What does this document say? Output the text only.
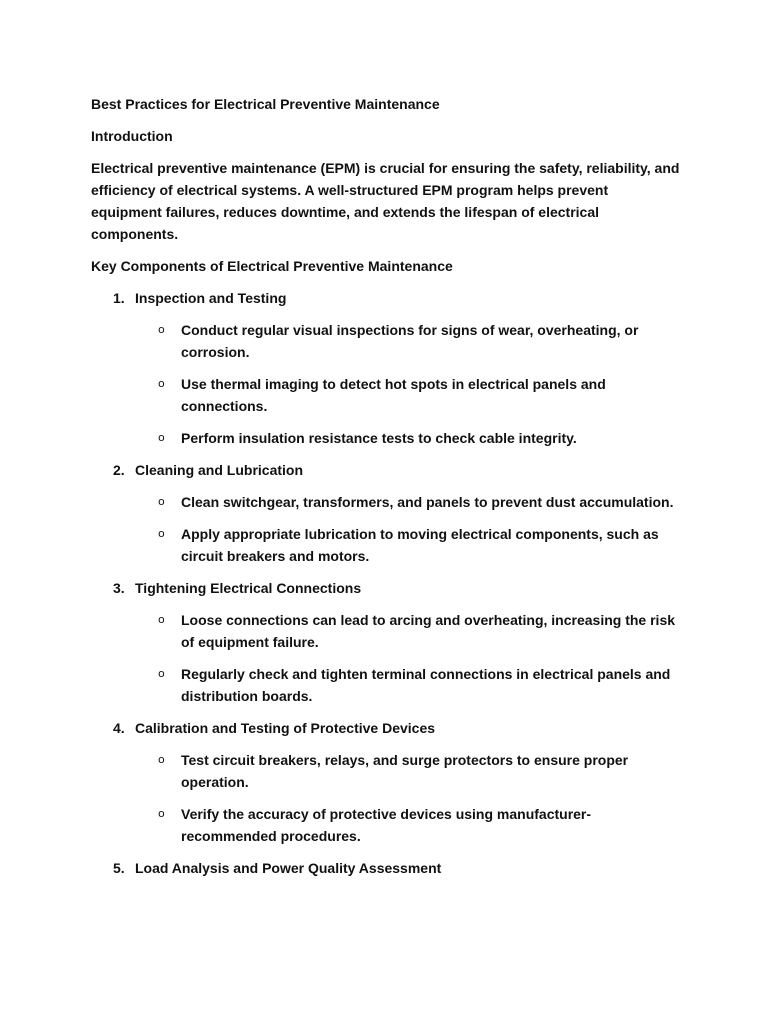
Best Practices for Electrical Preventive Maintenance

Introduction

Electrical preventive maintenance (EPM) is crucial for ensuring the safety, reliability, and efficiency of electrical systems. A well-structured EPM program helps prevent equipment failures, reduces downtime, and extends the lifespan of electrical components.

Key Components of Electrical Preventive Maintenance

1. Inspection and Testing
o Conduct regular visual inspections for signs of wear, overheating, or corrosion.
o Use thermal imaging to detect hot spots in electrical panels and connections.
o Perform insulation resistance tests to check cable integrity.
2. Cleaning and Lubrication
o Clean switchgear, transformers, and panels to prevent dust accumulation.
o Apply appropriate lubrication to moving electrical components, such as circuit breakers and motors.
3. Tightening Electrical Connections
o Loose connections can lead to arcing and overheating, increasing the risk of equipment failure.
o Regularly check and tighten terminal connections in electrical panels and distribution boards.
4. Calibration and Testing of Protective Devices
o Test circuit breakers, relays, and surge protectors to ensure proper operation.
o Verify the accuracy of protective devices using manufacturer-recommended procedures.
5. Load Analysis and Power Quality Assessment
